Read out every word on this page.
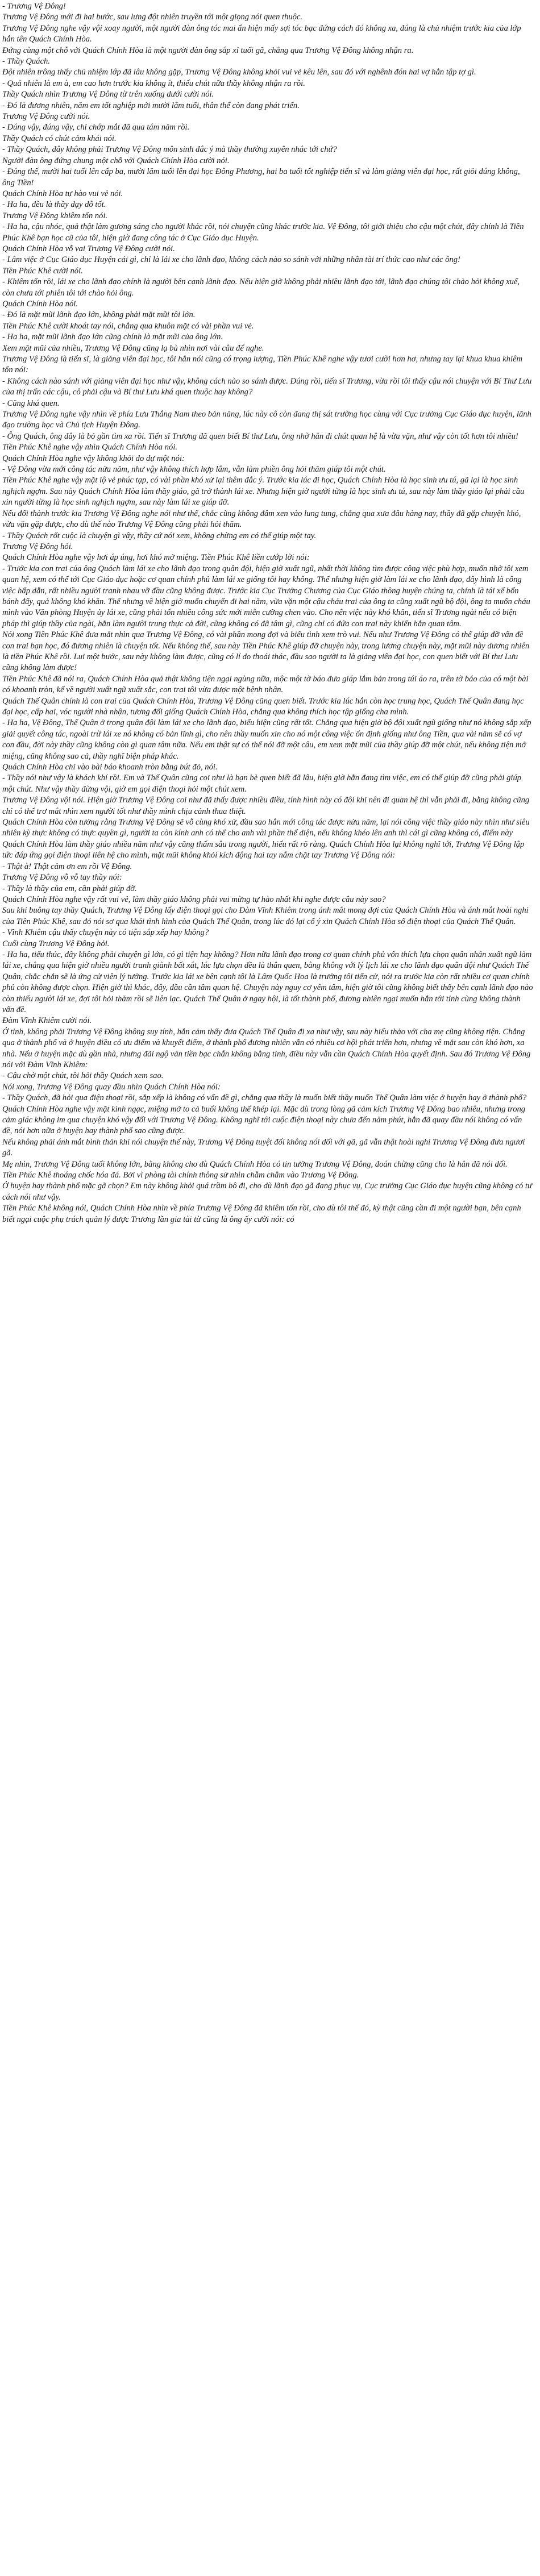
- Trương Vệ Đông!

Trương Vệ Đông mới đi hai bước, sau lưng đột nhiên truyền tới một giọng nói quen thuộc.

Trương Vệ Đông nghe vậy vội xoay người, một người đàn ông tóc mai ẩn hiện mấy sợi tóc bạc đứng cách đó không xa, đúng là chủ nhiệm trước kia của lớp hắn tên Quách Chính Hòa.

Đứng cùng một chỗ với Quách Chính Hòa là một người đàn ông sắp xỉ tuổi gã, chẳng qua Trương Vệ Đông không nhận ra.

- Thầy Quách.

Đột nhiên trông thấy chủ nhiệm lớp đã lâu không gặp, Trương Vệ Đông không khỏi vui vẻ kêu lên, sau đó với nghênh đón hai vợ hẳn tập tợ gì.

- Quả nhiên là em à, em cao hơn trước kia không ít, thiếu chút nữa thầy không nhận ra rồi.

Thầy Quách nhìn Trương Vệ Đông từ trên xuống dưới cười nói.

- Đó là đương nhiên, năm em tốt nghiệp mới mười lăm tuổi, thân thể còn đang phát triển.

Trương Vệ Đông cười nói.

- Đúng vậy, đúng vậy, chỉ chớp mắt đã qua tám năm rồi.

Thầy Quách có chút cảm khái nói.

- Thầy Quách, đây không phải Trương Vệ Đông môn sinh đắc ý mà thầy thường xuyên nhắc tới chứ?

Người đàn ông đứng chung một chỗ với Quách Chính Hòa cười nói.

- Đúng thế, mười hai tuổi lên cấp ba, mười lăm tuổi lên đại học Đông Phương, hai ba tuổi tốt nghiệp tiến sĩ và làm giảng viên đại học, rất giỏi đúng không, ông Tiền!

Quách Chính Hòa tự hào vui vẻ nói.

- Ha ha, đều là thầy dạy dỗ tốt.

Trương Vệ Đông khiêm tốn nói.

- Ha ha, cậu nhóc, quả thật làm gương sáng cho người khác rồi, nói chuyện cũng khác trước kia. Vệ Đông, tôi giới thiệu cho cậu một chút, đây chính là Tiền Phúc Khê bạn học cũ của tôi, hiện giờ đang công tác ở Cục Giáo dục Huyện.

Quách Chính Hòa vỗ vai Trương Vệ Đông cười nói.

- Lâm việc ở Cục Giáo dục Huyện cái gì, chỉ là lái xe cho lãnh đạo, không cách nào so sánh với những nhân tài trí thức cao như các ông!

Tiền Phúc Khê cười nói.

- Khiêm tốn rồi, lái xe cho lãnh đạo chính là người bên cạnh lãnh đạo. Nếu hiện giờ không phải nhiều lãnh đạo tới, lãnh đạo chúng tôi chào hỏi không xuể, còn chưa tới phiên tôi tới chào hỏi ông.

Quách Chính Hòa nói.

- Đó là mặt mũi lãnh đạo lớn, không phải mặt mũi tôi lớn.

Tiền Phúc Khê cười khoát tay nói, chẳng qua khuôn mặt có vài phần vui vẻ.

- Ha ha, mặt mũi lãnh đạo lớn cũng chính là mặt mũi của ông lớn.

Xem mặt mũi của nhiều, Trương Vệ Đông cũng lạ bà nhìn nơi vài câu để nghe.

Trương Vệ Đông là tiến sĩ, là giảng viên đại học, tôi hẳn nói cũng có trọng lượng, Tiền Phúc Khê nghe vậy tươi cười hơn hơ, nhưng tay lại khua khua khiêm tốn nói:

- Không cách nào sánh với giảng viên đại học như vậy, không cách nào so sánh được. Đúng rồi, tiến sĩ Trương, vừa rồi tôi thấy cậu nói chuyện với Bí Thư Lưu của thị trấn các cậu, cô phải cậu và Bí thư Lưu khá quen thuộc hay không?

- Cũng khá quen.

Trương Vệ Đông nghe vậy nhìn về phía Lưu Thắng Nam theo bản năng, lúc này cô còn đang thị sát trường học cùng với Cục trưởng Cục Giáo dục huyện, lãnh đạo trường học và Chủ tịch Huyện Đông.

- Ông Quách, ông đây là bỏ gần tìm xa rồi. Tiến sĩ Trương đã quen biết Bí thư Lưu, ông nhờ hẳn đi chút quan hệ là vừa vặn, như vậy còn tốt hơn tôi nhiều!

Tiền Phúc Khê nghe vậy nhìn Quách Chính Hòa nói.

Quách Chính Hòa nghe vậy không khỏi do dự một nói:

- Vệ Đông vừa mới công tác nửa năm, như vậy không thích hợp lắm, vẫn làm phiền ông hỏi thăm giúp tôi một chút.

Tiền Phúc Khê nghe vậy mặt lộ vẻ phúc tạp, có vài phần khó xử lại thêm đắc ý. Trước kia lúc đi học, Quách Chính Hòa là học sinh ưu tú, gã lại là học sinh nghịch ngợm. Sau này Quách Chính Hòa làm thầy giáo, gã trở thành lái xe. Nhưng hiện giờ người từng là học sinh ưu tú, sau này làm thầy giáo lại phải cầu xin người từng là học sinh nghịch ngợm, sau này làm lái xe giúp đỡ.

Nếu đổi thành trước kia Trương Vệ Đông nghe nói như thế, chắc cũng không đâm xen vào lung tung, chẳng qua xưa đâu hàng nay, thầy đã gặp chuyện khó, vừa vặn gặp được, cho dù thế nào Trương Vệ Đông cũng phải hỏi thăm.

- Thầy Quách rốt cuộc là chuyện gì vậy, thầy cứ nói xem, không chừng em có thể giúp một tay.

Trương Vệ Đông hỏi.

Quách Chính Hòa nghe vậy hơi áp úng, hơi khó mở miệng. Tiền Phúc Khê liền cướp lời nói:

- Trước kia con trai của ông Quách làm lái xe cho lãnh đạo trong quân đội, hiện giờ xuất ngũ, nhất thời không tìm được công việc phù hợp, muốn nhờ tôi xem quan hệ, xem có thể tới Cục Giáo dục hoặc cơ quan chính phủ làm lái xe giống tôi hay không. Thế nhưng hiện giờ làm lái xe cho lãnh đạo, đây hình là công việc hấp dẫn, rất nhiều người tranh nhau vỡ đầu cũng không được. Trước kia Cục Trưởng Chương của Cục Giáo thông huyện chúng ta, chính là tái xế bốn bánh đấy, quả không khó khăn. Thế nhưng về hiện giờ muốn chuyển đi hai năm, vừa vặn một cậu cháu trai của ông ta cũng xuất ngũ bộ đội, ông ta muốn cháu mình vào Văn phòng Huyện ủy lái xe, cũng phải tốn nhiều công sức mới miễn cưỡng chen vào. Cho nên việc này khó khăn, tiến sĩ Trương ngài nếu có biện pháp thì giúp thầy của ngài, hẳn làm người trung thực cả đời, cũng không có đã tâm gì, cũng chỉ có đứa con trai này khiến hẳn quan tâm.

Nói xong Tiền Phúc Khê đưa mắt nhìn qua Trương Vệ Đông, có vài phần mong đợi và biểu tình xem trò vui. Nếu như Trương Vệ Đông có thể giúp đỡ vấn đề con trai bạn học, đó đương nhiên là chuyện tốt. Nếu không thể, sau này Tiền Phúc Khê giúp đỡ chuyện này, trong lương chuyện này, mặt mũi này dương nhiên là tiền Phúc Khê rồi. Lui một bước, sau này không làm được, cũng có lí do thoái thác, đầu sao người ta là giảng viên đại học, con quen biết với Bí thư Lưu cũng không làm được!

Tiền Phúc Khê đã nói ra, Quách Chính Hòa quả thật không tiện ngại ngùng nữa, mộc một tờ báo đưa giáp lắm bản trong túi áo ra, trên tờ báo của có một bài có khoanh tròn, kể về người xuất ngũ xuất sắc, con trai tôi vừa được một bệnh nhân.

Quách Thế Quân chính là con trai của Quách Chính Hòa, Trương Vệ Đông cũng quen biết. Trước kia lúc hắn còn học trung học, Quách Thế Quân đang học đại học, cấp hai, vóc người nhà nhận, tương đối giống Quách Chính Hòa, chẳng qua không thích học tập giống cha mình.

- Ha ha, Vệ Đông, Thế Quân ở trong quân đội làm lái xe cho lãnh đạo, biểu hiện cũng rất tốt. Chẳng qua hiện giờ bộ đội xuất ngũ giống như nó không sắp xếp giải quyết công tác, ngoài trừ lái xe nó không có bản lĩnh gì, cho nên thầy muốn xin cho nó một công việc ổn định giống như ông Tiền, qua vài năm sẽ có vợ con đầu, đời này thầy cũng không còn gì quan tâm nữa. Nếu em thật sự có thể nói đỡ một câu, em xem mặt mũi của thầy giúp đỡ một chút, nếu không tiện mở miệng, cũng không sao cả, thầy nghĩ biện pháp khác.

Quách Chính Hòa chỉ vào bài báo khoanh tròn bằng bút đỏ, nói.

- Thầy nói như vậy là khách khí rồi. Em và Thế Quân cũng coi như là bạn bè quen biết đã lâu, hiện giờ hẳn đang tìm việc, em có thể giúp đỡ cũng phải giúp một chút. Như vậy thầy đừng vội, giờ em gọi điện thoại hỏi một chút xem.

Trương Vệ Đông vội nói. Hiện giờ Trương Vệ Đông coi như đã thấy được nhiều điều, tính hình này có đôi khi nên đi quan hệ thì vẫn phải đi, bằng không cũng chỉ có thể trơ mắt nhìn xem người tốt như thầy mình chịu cảnh thua thiệt.

Quách Chính Hòa còn tưởng rằng Trương Vệ Đông sẽ vỗ cùng khó xử, đầu sao hẳn mới công tác được nửa năm, lại nói công việc thầy giáo này nhìn như siêu nhiên kỳ thực không có thực quyền gì, người ta còn kính anh có thể cho anh vài phần thể diện, nếu không khéo lên anh thì cái gì cũng không có, điểm này Quách Chính Hòa làm thầy giáo nhiều năm như vậy cũng thấm sâu trong người, hiểu rất rõ ràng. Quách Chính Hòa lại không nghĩ tới, Trương Vệ Đông lập tức đáp ứng gọi điện thoại liên hệ cho mình, mặt mũi không khỏi kích động hai tay nắm chặt tay Trương Vệ Đông nói:

- Thật à! Thật cảm ơn em rồi Vệ Đông.

Trương Vệ Đông vỗ vỗ tay thầy nói:

- Thầy là thầy của em, cần phải giúp đỡ.

Quách Chính Hòa nghe vậy rất vui vẻ, làm thầy giáo không phải vui mừng tự hào nhất khi nghe được câu này sao?

Sau khi buông tay thầy Quách, Trương Vệ Đông lấy điện thoại gọi cho Đàm Vĩnh Khiêm trong ánh mắt mong đợi của Quách Chính Hòa và ánh mắt hoài nghi của Tiền Phúc Khê, sau đó nói sơ qua khái tình hình của Quách Thế Quân, trong lúc đó lại cố ý xin Quách Chính Hòa số điện thoại của Quách Thế Quân.

- Vĩnh Khiêm cậu thấy chuyện này có tiện sắp xếp hay không?

Cuối cùng Trương Vệ Đông hỏi.

- Ha ha, tiểu thúc, đây không phải chuyện gì lớn, có gì tiện hay không? Hơn nữa lãnh đạo trong cơ quan chính phủ vốn thích lựa chọn quân nhân xuất ngũ làm lái xe, chẳng qua hiện giờ nhiều người tranh giành bất xắt, lúc lựa chọn đều là thân quen, bằng không với lý lịch lái xe cho lãnh đạo quân đội như Quách Thế Quân, chắc chắn sẽ là ứng cử viên lý tưởng. Trước kia lái xe bên cạnh tôi là Lâm Quốc Hoa là trưởng tôi tiến cử, nói ra trước kia còn rất nhiều cơ quan chính phủ còn không được chọn. Hiện giờ thì khác, đây, đầu cần tâm quan hệ. Chuyện này nguy cơ yêm tâm, hiện giờ tôi cũng không biết thấy bên cạnh lãnh đạo nào còn thiếu người lái xe, đợi tôi hỏi thăm rồi sẽ liên lạc. Quách Thế Quân ở ngay hội, là tốt thành phố, đương nhiên ngại muốn hẳn tới tỉnh cùng không thành vấn đề.

Đàm Vĩnh Khiêm cười nói.

Ở tỉnh, không phải Trương Vệ Đông không suy tính, hắn cảm thấy đưa Quách Thế Quân đi xa như vậy, sau này hiếu thảo với cha mẹ cũng không tiện. Chẳng qua ở thành phố và ở huyện điều có ưu điểm và khuyết điểm, ở thành phố đương nhiên vẫn có nhiều cơ hội phát triển hơn, nhưng về mặt sau còn khó hơn, xa nhà. Nếu ở huyện mặc dù gần nhà, nhưng đãi ngộ văn tiền bạc chắn không bằng tỉnh, điều này vẫn cần Quách Chính Hòa quyết định. Sau đó Trương Vệ Đông nói với Đàm Vĩnh Khiêm:

- Cậu chờ một chút, tôi hỏi thầy Quách xem sao.

Nói xong, Trương Vệ Đông quay đầu nhìn Quách Chính Hòa nói:

- Thầy Quách, đã hỏi qua điện thoại rồi, sắp xếp là không có vấn đề gì, chẳng qua thầy là muốn biết thầy muốn Thế Quân làm việc ở huyện hay ở thành phố?

Quách Chính Hòa nghe vậy mặt kinh ngạc, miệng mở to cả buổi không thể khép lại. Mặc dù trong lòng gã cảm kích Trương Vệ Đông bao nhiêu, nhưng trong cảm giác không im qua chuyện khó vậy đối với Trương Vệ Đông. Không nghĩ tới cuộc điện thoại này chưa đến năm phút, hẳn đã quay đầu nói không có vấn đề, nói hơn nữa ở huyện hay thành phố sao cũng được.

Nếu không phải ánh mắt bình thản khi nói chuyện thế này, Trương Vệ Đông tuyệt đối không nói dối với gã, gã vẫn thật hoài nghi Trương Vệ Đông đưa ngươi gã.

Mẹ nhìn, Trương Vệ Đông tuổi không lớn, bằng không cho dù Quách Chính Hòa có tin tưởng Trương Vệ Đông, đoán chừng cũng cho là hẳn đã nói dối.

Tiền Phúc Khê thoáng chốc hóa đá. Bởi vì phòng tài chính thông sử nhìn chằm chằm vào Trương Vệ Đông.

Ở huyện hay thành phố mặc gã chọn? Em này không khỏi quá trầm bô đi, cho dù lãnh đạo gã đang phục vụ, Cục trưởng Cục Giáo dục huyện cũng không có tư cách nói như vậy.

Tiền Phúc Khê không nói, Quách Chính Hòa nhìn về phía Trương Vệ Đông đã khiêm tốn rồi, cho dù tôi thế đó, kỳ thật cũng cần đi một người bạn, bên cạnh biết ngại cuộc phụ trách quản lý được Trương lần gia tài từ cũng là ông ấy cười nói: có
